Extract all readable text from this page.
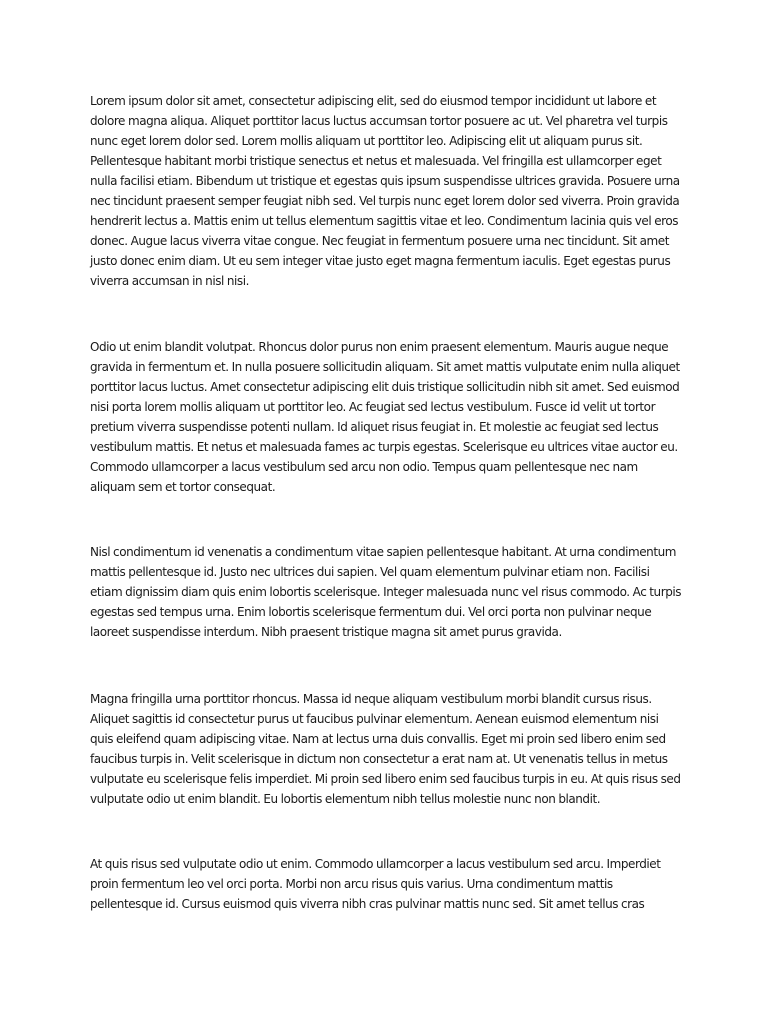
Lorem ipsum dolor sit amet, consectetur adipiscing elit, sed do eiusmod tempor incididunt ut labore et dolore magna aliqua. Aliquet porttitor lacus luctus accumsan tortor posuere ac ut. Vel pharetra vel turpis nunc eget lorem dolor sed. Lorem mollis aliquam ut porttitor leo. Adipiscing elit ut aliquam purus sit. Pellentesque habitant morbi tristique senectus et netus et malesuada. Vel fringilla est ullamcorper eget nulla facilisi etiam. Bibendum ut tristique et egestas quis ipsum suspendisse ultrices gravida. Posuere urna nec tincidunt praesent semper feugiat nibh sed. Vel turpis nunc eget lorem dolor sed viverra. Proin gravida hendrerit lectus a. Mattis enim ut tellus elementum sagittis vitae et leo. Condimentum lacinia quis vel eros donec. Augue lacus viverra vitae congue. Nec feugiat in fermentum posuere urna nec tincidunt. Sit amet justo donec enim diam. Ut eu sem integer vitae justo eget magna fermentum iaculis. Eget egestas purus viverra accumsan in nisl nisi.

Odio ut enim blandit volutpat. Rhoncus dolor purus non enim praesent elementum. Mauris augue neque gravida in fermentum et. In nulla posuere sollicitudin aliquam. Sit amet mattis vulputate enim nulla aliquet porttitor lacus luctus. Amet consectetur adipiscing elit duis tristique sollicitudin nibh sit amet. Sed euismod nisi porta lorem mollis aliquam ut porttitor leo. Ac feugiat sed lectus vestibulum. Fusce id velit ut tortor pretium viverra suspendisse potenti nullam. Id aliquet risus feugiat in. Et molestie ac feugiat sed lectus vestibulum mattis. Et netus et malesuada fames ac turpis egestas. Scelerisque eu ultrices vitae auctor eu. Commodo ullamcorper a lacus vestibulum sed arcu non odio. Tempus quam pellentesque nec nam aliquam sem et tortor consequat.

Nisl condimentum id venenatis a condimentum vitae sapien pellentesque habitant. At urna condimentum mattis pellentesque id. Justo nec ultrices dui sapien. Vel quam elementum pulvinar etiam non. Facilisi etiam dignissim diam quis enim lobortis scelerisque. Integer malesuada nunc vel risus commodo. Ac turpis egestas sed tempus urna. Enim lobortis scelerisque fermentum dui. Vel orci porta non pulvinar neque laoreet suspendisse interdum. Nibh praesent tristique magna sit amet purus gravida.

Magna fringilla urna porttitor rhoncus. Massa id neque aliquam vestibulum morbi blandit cursus risus. Aliquet sagittis id consectetur purus ut faucibus pulvinar elementum. Aenean euismod elementum nisi quis eleifend quam adipiscing vitae. Nam at lectus urna duis convallis. Eget mi proin sed libero enim sed faucibus turpis in. Velit scelerisque in dictum non consectetur a erat nam at. Ut venenatis tellus in metus vulputate eu scelerisque felis imperdiet. Mi proin sed libero enim sed faucibus turpis in eu. At quis risus sed vulputate odio ut enim blandit. Eu lobortis elementum nibh tellus molestie nunc non blandit.

At quis risus sed vulputate odio ut enim. Commodo ullamcorper a lacus vestibulum sed arcu. Imperdiet proin fermentum leo vel orci porta. Morbi non arcu risus quis varius. Urna condimentum mattis pellentesque id. Cursus euismod quis viverra nibh cras pulvinar mattis nunc sed. Sit amet tellus cras
